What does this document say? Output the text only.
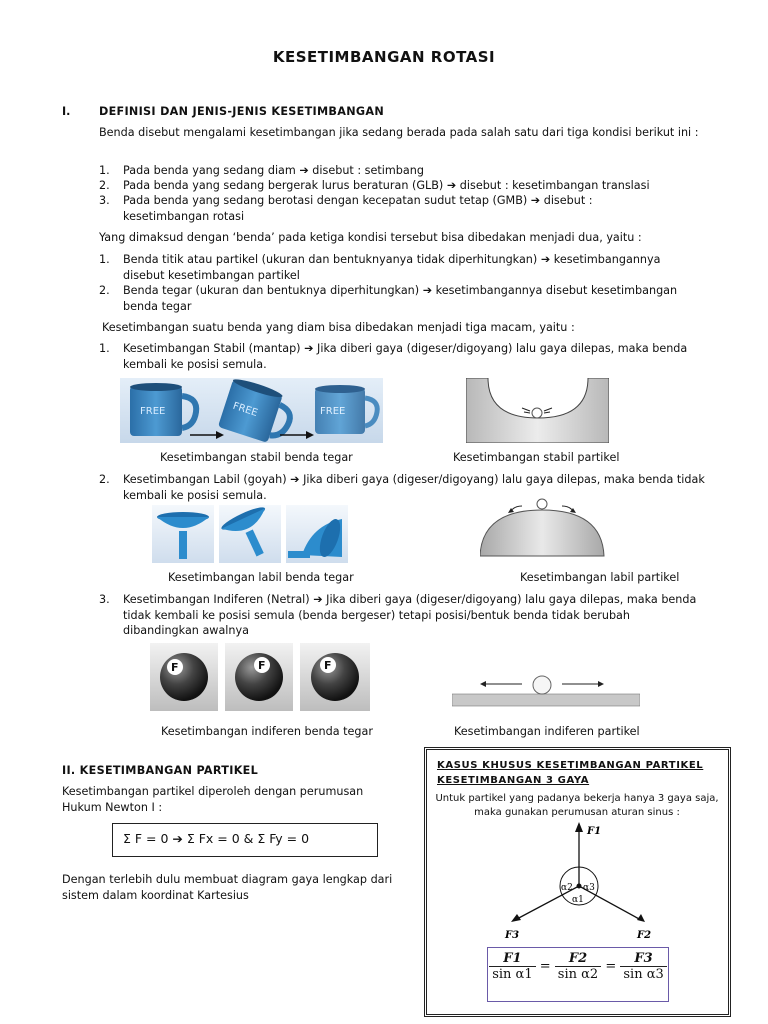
KESETIMBANGAN ROTASI
I.	DEFINISI DAN JENIS-JENIS KESETIMBANGAN
Benda disebut mengalami kesetimbangan jika sedang berada pada salah satu dari tiga kondisi berikut ini :
1. Pada benda yang sedang diam ➔ disebut : setimbang
2. Pada benda yang sedang bergerak lurus beraturan (GLB) ➔ disebut : kesetimbangan translasi
3. Pada benda yang sedang berotasi dengan kecepatan sudut tetap (GMB) ➔ disebut : kesetimbangan rotasi
Yang dimaksud dengan ‘benda’ pada ketiga kondisi tersebut bisa dibedakan menjadi dua, yaitu :
1. Benda titik atau partikel (ukuran dan bentuknyanya tidak diperhitungkan) ➔ kesetimbangannya disebut kesetimbangan partikel
2. Benda tegar (ukuran dan bentuknya diperhitungkan) ➔ kesetimbangannya disebut kesetimbangan benda tegar
Kesetimbangan suatu benda yang diam bisa dibedakan menjadi tiga macam, yaitu :
1. Kesetimbangan Stabil (mantap) ➔ Jika diberi gaya (digeser/digoyang) lalu gaya dilepas, maka benda kembali ke posisi semula.
FREE	FREE	FREE
Kesetimbangan stabil benda tegar	Kesetimbangan stabil partikel
2. Kesetimbangan Labil (goyah) ➔ Jika diberi gaya (digeser/digoyang) lalu gaya dilepas, maka benda tidak kembali ke posisi semula.
Kesetimbangan labil benda tegar	Kesetimbangan labil partikel
3. Kesetimbangan Indiferen (Netral) ➔ Jika diberi gaya (digeser/digoyang) lalu gaya dilepas, maka benda tidak kembali ke posisi semula (benda bergeser) tetapi posisi/bentuk benda tidak berubah dibandingkan awalnya
F	F	F
Kesetimbangan indiferen benda tegar	Kesetimbangan indiferen partikel
II. KESETIMBANGAN PARTIKEL
Kesetimbangan partikel diperoleh dengan perumusan Hukum Newton I :
Σ F = 0 ➔ Σ Fx = 0 & Σ Fy = 0
Dengan terlebih dulu membuat diagram gaya lengkap dari sistem dalam koordinat Kartesius
KASUS KHUSUS KESETIMBANGAN PARTIKEL
KESETIMBANGAN 3 GAYA
Untuk partikel yang padanya bekerja hanya 3 gaya saja, maka gunakan perumusan aturan sinus :
F1
F3	F2
α2 α3
α1
$\frac{F1}{\text{sin α1}} = \frac{F2}{\text{sin α2}} = \frac{F3}{\text{sin α3}}$
